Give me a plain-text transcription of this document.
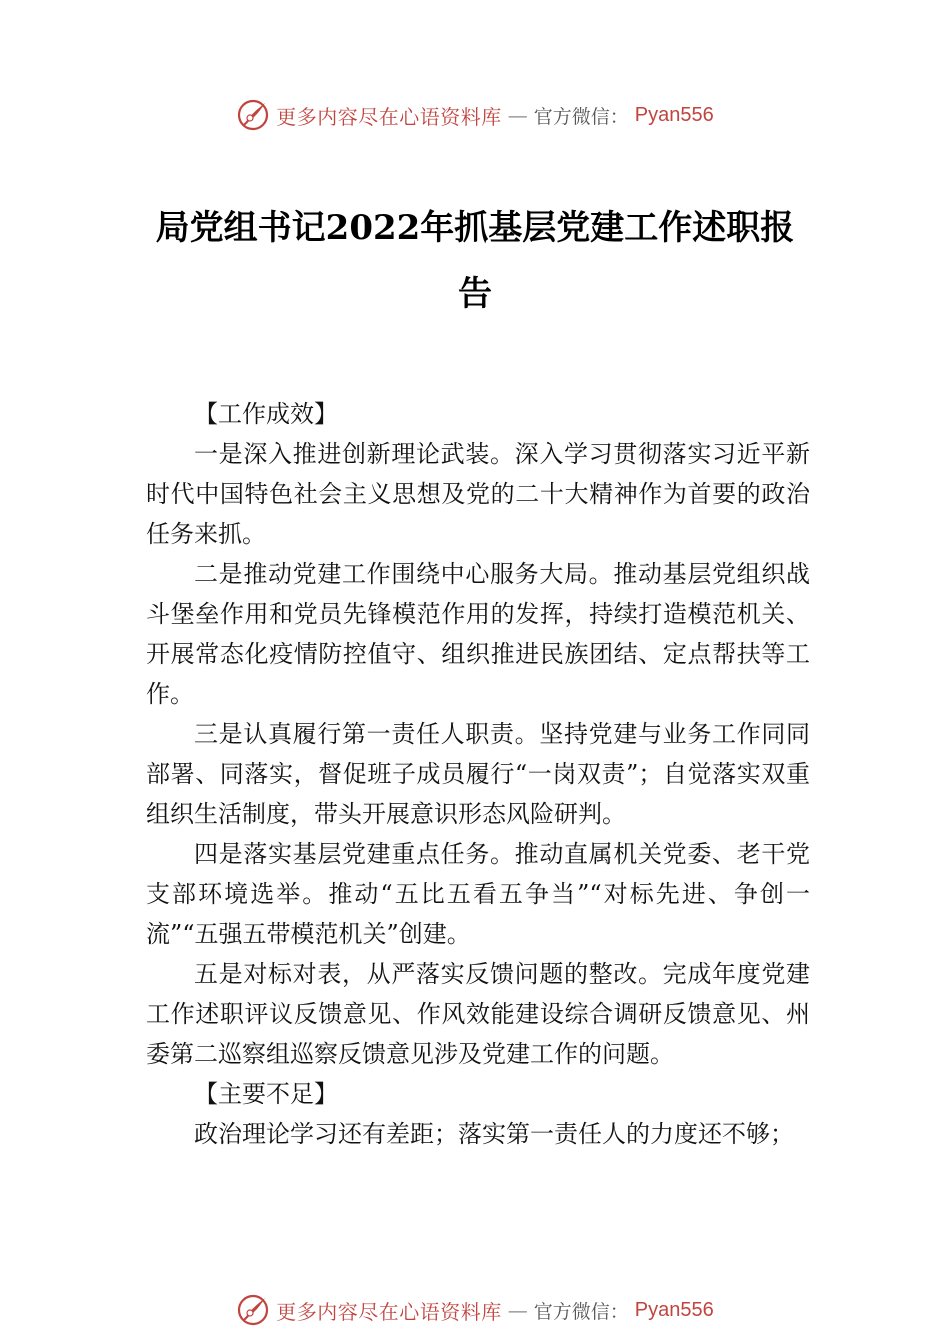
更多内容尽在心语资料库 — 官方微信： Pyan556
局党组书记2022年抓基层党建工作述职报告
【工作成效】

一是深入推进创新理论武装。深入学习贯彻落实习近平新时代中国特色社会主义思想及党的二十大精神作为首要的政治任务来抓。

二是推动党建工作围绕中心服务大局。推动基层党组织战斗堡垒作用和党员先锋模范作用的发挥，持续打造模范机关、开展常态化疫情防控值守、组织推进民族团结、定点帮扶等工作。

三是认真履行第一责任人职责。坚持党建与业务工作同同部署、同落实，督促班子成员履行“一岗双责”；自觉落实双重组织生活制度，带头开展意识形态风险研判。

四是落实基层党建重点任务。推动直属机关党委、老干党支部环境选举。推动“五比五看五争当”“对标先进、争创一流”“五强五带模范机关”创建。

五是对标对表，从严落实反馈问题的整改。完成年度党建工作述职评议反馈意见、作风效能建设综合调研反馈意见、州委第二巡察组巡察反馈意见涉及党建工作的问题。

【主要不足】

政治理论学习还有差距；落实第一责任人的力度还不够；

更多内容尽在心语资料库 — 官方微信： Pyan556
